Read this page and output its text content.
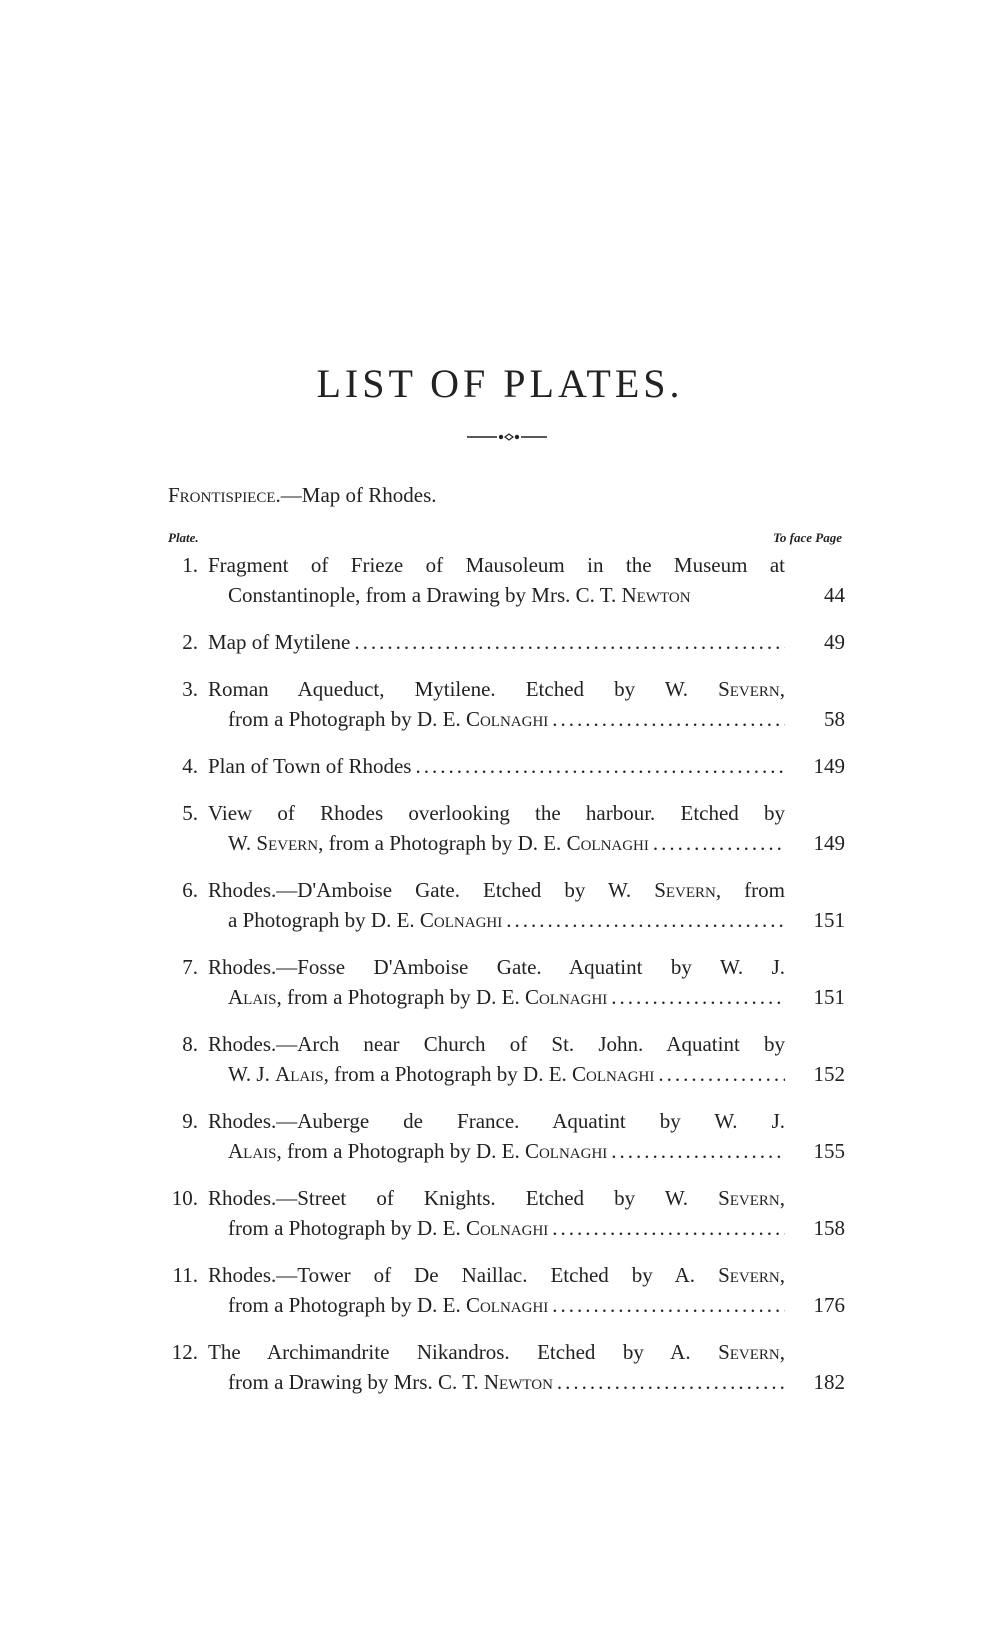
LIST OF PLATES.
Frontispiece.—Map of Rhodes.
Plate.	To face Page
1. Fragment of Frieze of Mausoleum in the Museum at
Constantinople, from a Drawing by Mrs. C. T. Newton	44
2. Map of Mytilene .....	49
3. Roman Aqueduct, Mytilene. Etched by W. Severn,
from a Photograph by D. E. Colnaghi .....	58
4. Plan of Town of Rhodes .....	149
5. View of Rhodes overlooking the harbour. Etched by
W. Severn, from a Photograph by D. E. Colnaghi .....	149
6. Rhodes.—D'Amboise Gate. Etched by W. Severn, from
a Photograph by D. E. Colnaghi .....	151
7. Rhodes.—Fosse D'Amboise Gate. Aquatint by W. J.
Alais, from a Photograph by D. E. Colnaghi .....	151
8. Rhodes.—Arch near Church of St. John. Aquatint by
W. J. Alais, from a Photograph by D. E. Colnaghi .....	152
9. Rhodes.—Auberge de France. Aquatint by W. J.
Alais, from a Photograph by D. E. Colnaghi .....	155
10. Rhodes.—Street of Knights. Etched by W. Severn,
from a Photograph by D. E. Colnaghi .....	158
11. Rhodes.—Tower of De Naillac. Etched by A. Severn,
from a Photograph by D. E. Colnaghi .....	176
12. The Archimandrite Nikandros. Etched by A. Severn,
from a Drawing by Mrs. C. T. Newton .....	182
